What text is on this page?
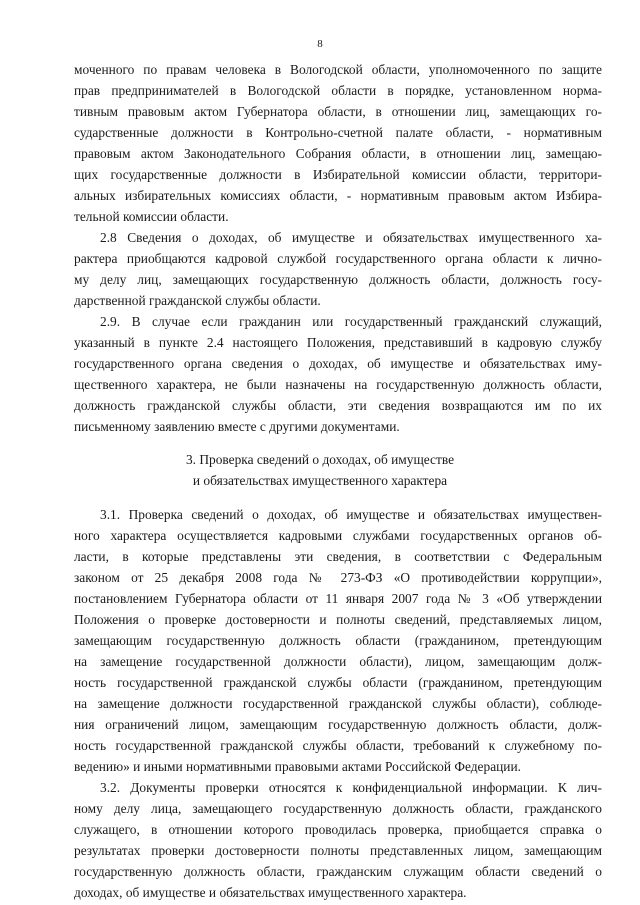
8
моченного по правам человека в Вологодской области, уполномоченного по защите
прав предпринимателей в Вологодской области в порядке, установленном норма-
тивным правовым актом Губернатора области, в отношении лиц, замещающих го-
сударственные должности в Контрольно-счетной палате области, - нормативным
правовым актом Законодательного Собрания области, в отношении лиц, замещаю-
щих государственные должности в Избирательной комиссии области, территори-
альных избирательных комиссиях области, - нормативным правовым актом Избира-
тельной комиссии области.
2.8 Сведения о доходах, об имуществе и обязательствах имущественного ха-
рактера приобщаются кадровой службой государственного органа области к лично-
му делу лиц, замещающих государственную должность области, должность госу-
дарственной гражданской службы области.
2.9. В случае если гражданин или государственный гражданский служащий,
указанный в пункте 2.4 настоящего Положения, представивший в кадровую службу
государственного органа сведения о доходах, об имуществе и обязательствах иму-
щественного характера, не были назначены на государственную должность области,
должность гражданской службы области, эти сведения возвращаются им по их
письменному заявлению вместе с другими документами.
3. Проверка сведений о доходах, об имуществе
и обязательствах имущественного характера
3.1. Проверка сведений о доходах, об имуществе и обязательствах имуществен-
ного характера осуществляется кадровыми службами государственных органов об-
ласти, в которые представлены эти сведения, в соответствии с Федеральным
законом от 25 декабря 2008 года № 273-ФЗ «О противодействии коррупции»,
постановлением Губернатора области от 11 января 2007 года № 3 «Об утверждении
Положения о проверке достоверности и полноты сведений, представляемых лицом,
замещающим государственную должность области (гражданином, претендующим
на замещение государственной должности области), лицом, замещающим долж-
ность государственной гражданской службы области (гражданином, претендующим
на замещение должности государственной гражданской службы области), соблюде-
ния ограничений лицом, замещающим государственную должность области, долж-
ность государственной гражданской службы области, требований к служебному по-
ведению» и иными нормативными правовыми актами Российской Федерации.
3.2. Документы проверки относятся к конфиденциальной информации. К лич-
ному делу лица, замещающего государственную должность области, гражданского
служащего, в отношении которого проводилась проверка, приобщается справка о
результатах проверки достоверности полноты представленных лицом, замещающим
государственную должность области, гражданским служащим области сведений о
доходах, об имуществе и обязательствах имущественного характера.
